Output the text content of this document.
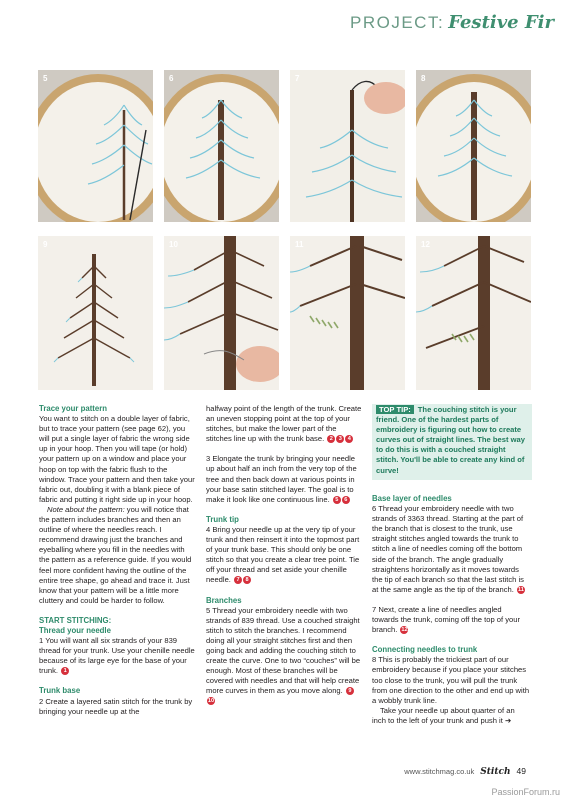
PROJECT: Festive Fir
5	6	7	8
9	10	11	12

Trace your pattern

You want to stitch on a double layer of fabric, but to trace your pattern (see page 62), you will put a single layer of fabric the wrong side up in your hoop. Then you will tape (or hold) your pattern up on a window and place your hoop on top with the fabric flush to the window. Trace your pattern and then take your fabric out, doubling it with a blank piece of fabric and putting it right side up in your hoop.

Note about the pattern: you will notice that the pattern includes branches and then an outline of where the needles reach. I recommend drawing just the branches and eyeballing where you fill in the needles with the pattern as a reference guide. If you would feel more confident having the outline of the entire tree shape, go ahead and trace it. Just know that your pattern will be a little more cluttery and could be harder to follow.

START STITCHING:

Thread your needle

1 You will want all six strands of your 839 thread for your trunk. Use your chenille needle because of its large eye for the base of your trunk. 1

Trunk base

2 Create a layered satin stitch for the trunk by bringing your needle up at the

halfway point of the length of the trunk. Create an uneven stopping point at the top of your stitches, but make the lower part of the stitches line up with the trunk base. 2 3 4

3 Elongate the trunk by bringing your needle up about half an inch from the very top of the tree and then back down at various points in your base satin stitched layer. The goal is to make it look like one continuous line. 5 6

Trunk tip

4 Bring your needle up at the very tip of your trunk and then reinsert it into the topmost part of your trunk base. This should only be one stitch so that you create a clear tree point. Tie off your thread and set aside your chenille needle. 7 8

Branches

5 Thread your embroidery needle with two strands of 839 thread. Use a couched straight stitch to stitch the branches. I recommend doing all your straight stitches first and then going back and adding the couching stitch to create the curve. One to two “couches” will be enough. Most of these branches will be covered with needles and that will help create more curves in them as you move along. 910

TOP TIP: The couching stitch is your friend. One of the hardest parts of embroidery is figuring out how to create curves out of straight lines. The best way to do this is with a couched straight stitch. You'll be able to create any kind of curve!

Base layer of needles

6 Thread your embroidery needle with two strands of 3363 thread. Starting at the part of the branch that is closest to the trunk, use straight stitches angled towards the trunk to stitch a line of needles coming off the bottom side of the branch. The angle gradually straightens horizontally as it moves towards the tip of each branch so that the last stitch is at the same angle as the tip of the branch. 11

7 Next, create a line of needles angled towards the trunk, coming off the top of your branch. 12

Connecting needles to trunk

8 This is probably the trickiest part of our embroidery because if you place your stitches too close to the trunk, you will pull the trunk from one direction to the other and end up with a wobbly trunk line.

Take your needle up about quarter of an inch to the left of your trunk and push it ➔

www.stitchmag.co.uk Stitch 49
PassionForum.ru
